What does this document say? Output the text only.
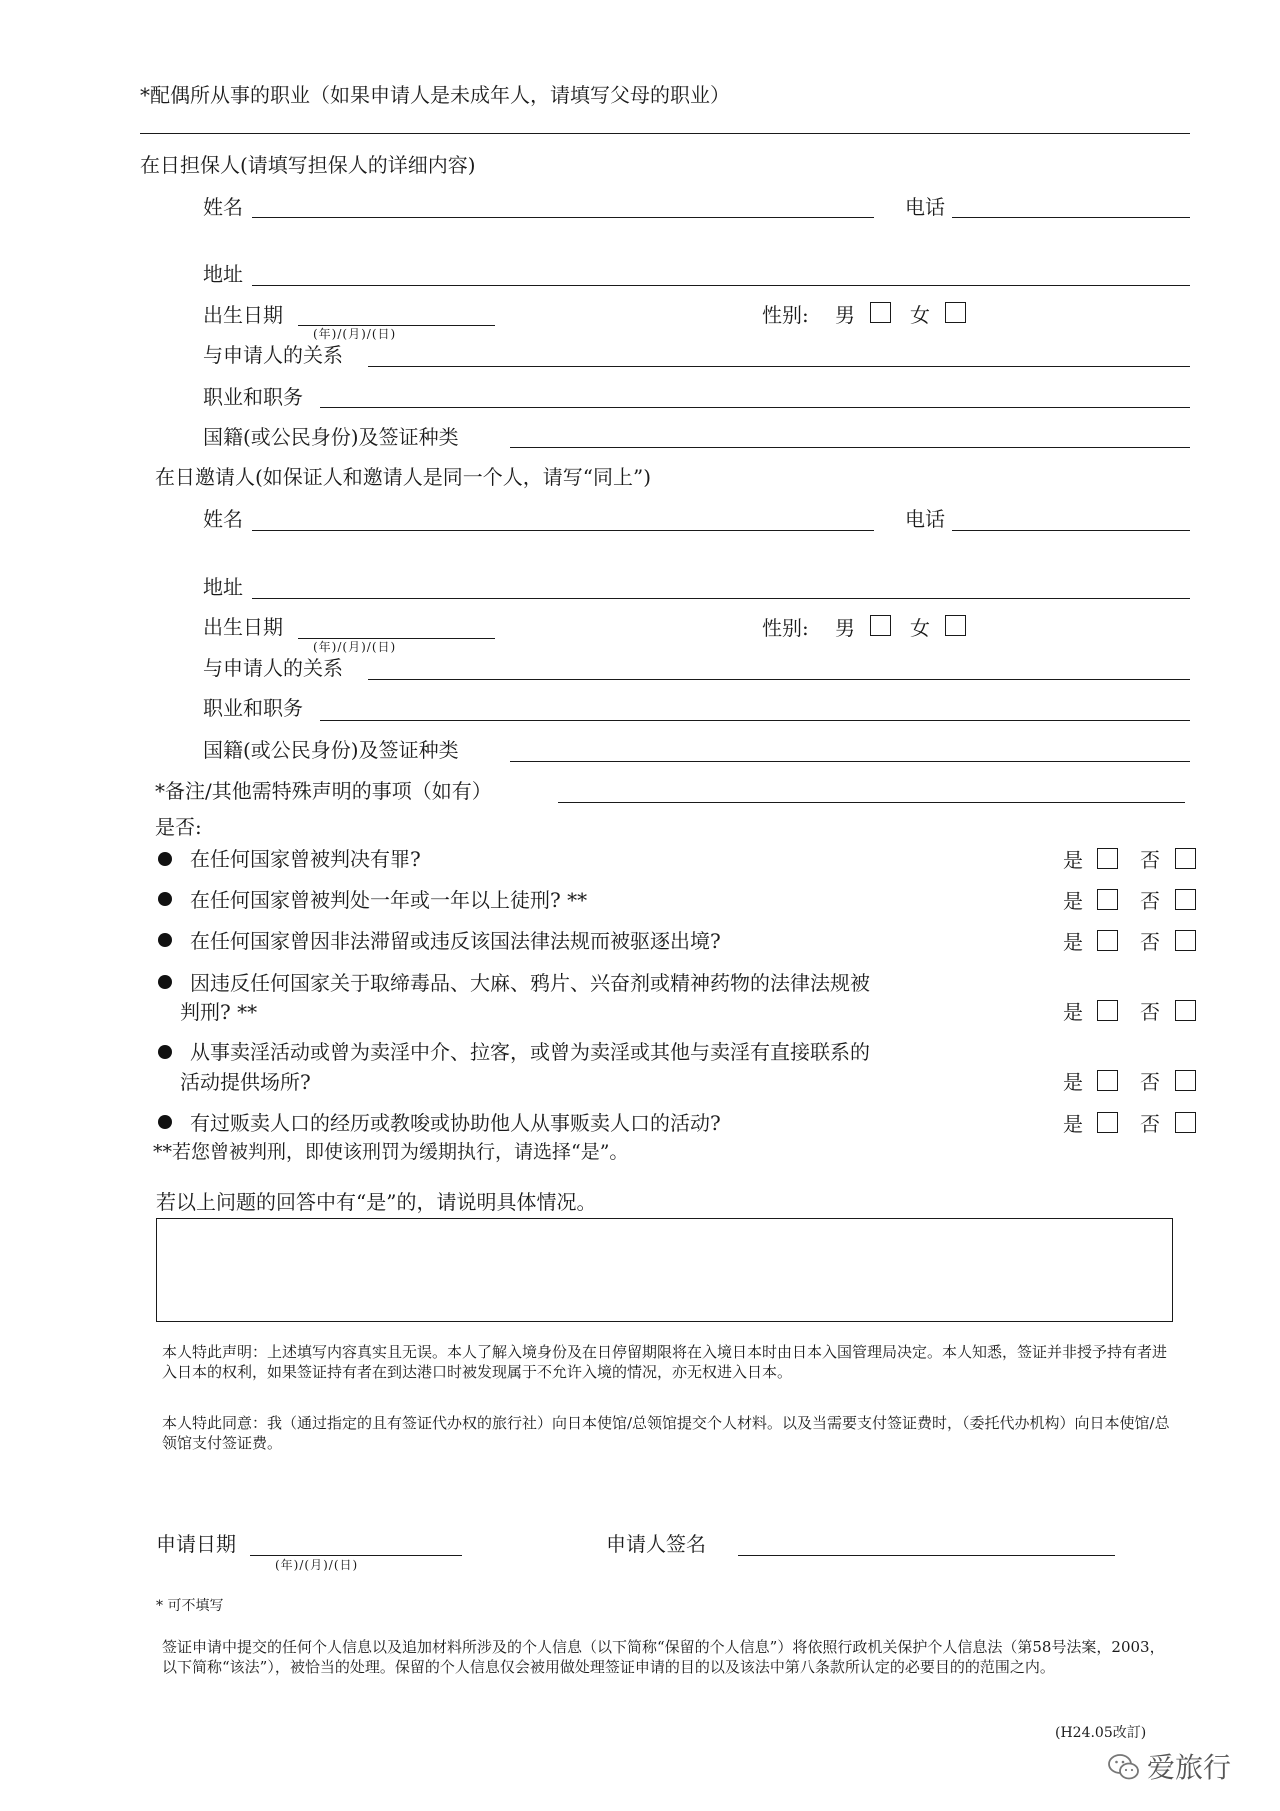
*配偶所从事的职业（如果申请人是未成年人，请填写父母的职业）
在日担保人(请填写担保人的详细内容)
姓名	电话
地址
出生日期
(年)/(月)/(日)
性别: 男	女
与申请人的关系
职业和职务
国籍(或公民身份)及签证种类
在日邀请人(如保证人和邀请人是同一个人，请写“同上”)
姓名	电话
地址
出生日期
(年)/(月)/(日)
性别: 男	女
与申请人的关系
职业和职务
国籍(或公民身份)及签证种类
*备注/其他需特殊声明的事项（如有）
是否:
在任何国家曾被判决有罪?	是	否
在任何国家曾被判处一年或一年以上徒刑? **	是	否
在任何国家曾因非法滞留或违反该国法律法规而被驱逐出境?	是	否
因违反任何国家关于取缔毒品、大麻、鸦片、兴奋剂或精神药物的法律法规被
判刑? **	是	否
从事卖淫活动或曾为卖淫中介、拉客，或曾为卖淫或其他与卖淫有直接联系的
活动提供场所?	是	否
有过贩卖人口的经历或教唆或协助他人从事贩卖人口的活动?	是	否
**若您曾被判刑，即使该刑罚为缓期执行，请选择“是”。
若以上问题的回答中有“是”的，请说明具体情况。
本人特此声明：上述填写内容真实且无误。本人了解入境身份及在日停留期限将在入境日本时由日本入国管理局决定。本人知悉，签证并非授予持有者进入日本的权利，如果签证持有者在到达港口时被发现属于不允许入境的情况，亦无权进入日本。
本人特此同意：我（通过指定的且有签证代办权的旅行社）向日本使馆/总领馆提交个人材料。以及当需要支付签证费时，（委托代办机构）向日本使馆/总领馆支付签证费。
申请日期
(年)/(月)/(日)
申请人签名
* 可不填写
签证申请中提交的任何个人信息以及追加材料所涉及的个人信息（以下简称“保留的个人信息”）将依照行政机关保护个人信息法（第58号法案，2003，以下简称“该法”），被恰当的处理。保留的个人信息仅会被用做处理签证申请的目的以及该法中第八条款所认定的必要目的的范围之内。
(H24.05改訂)
爱旅行
